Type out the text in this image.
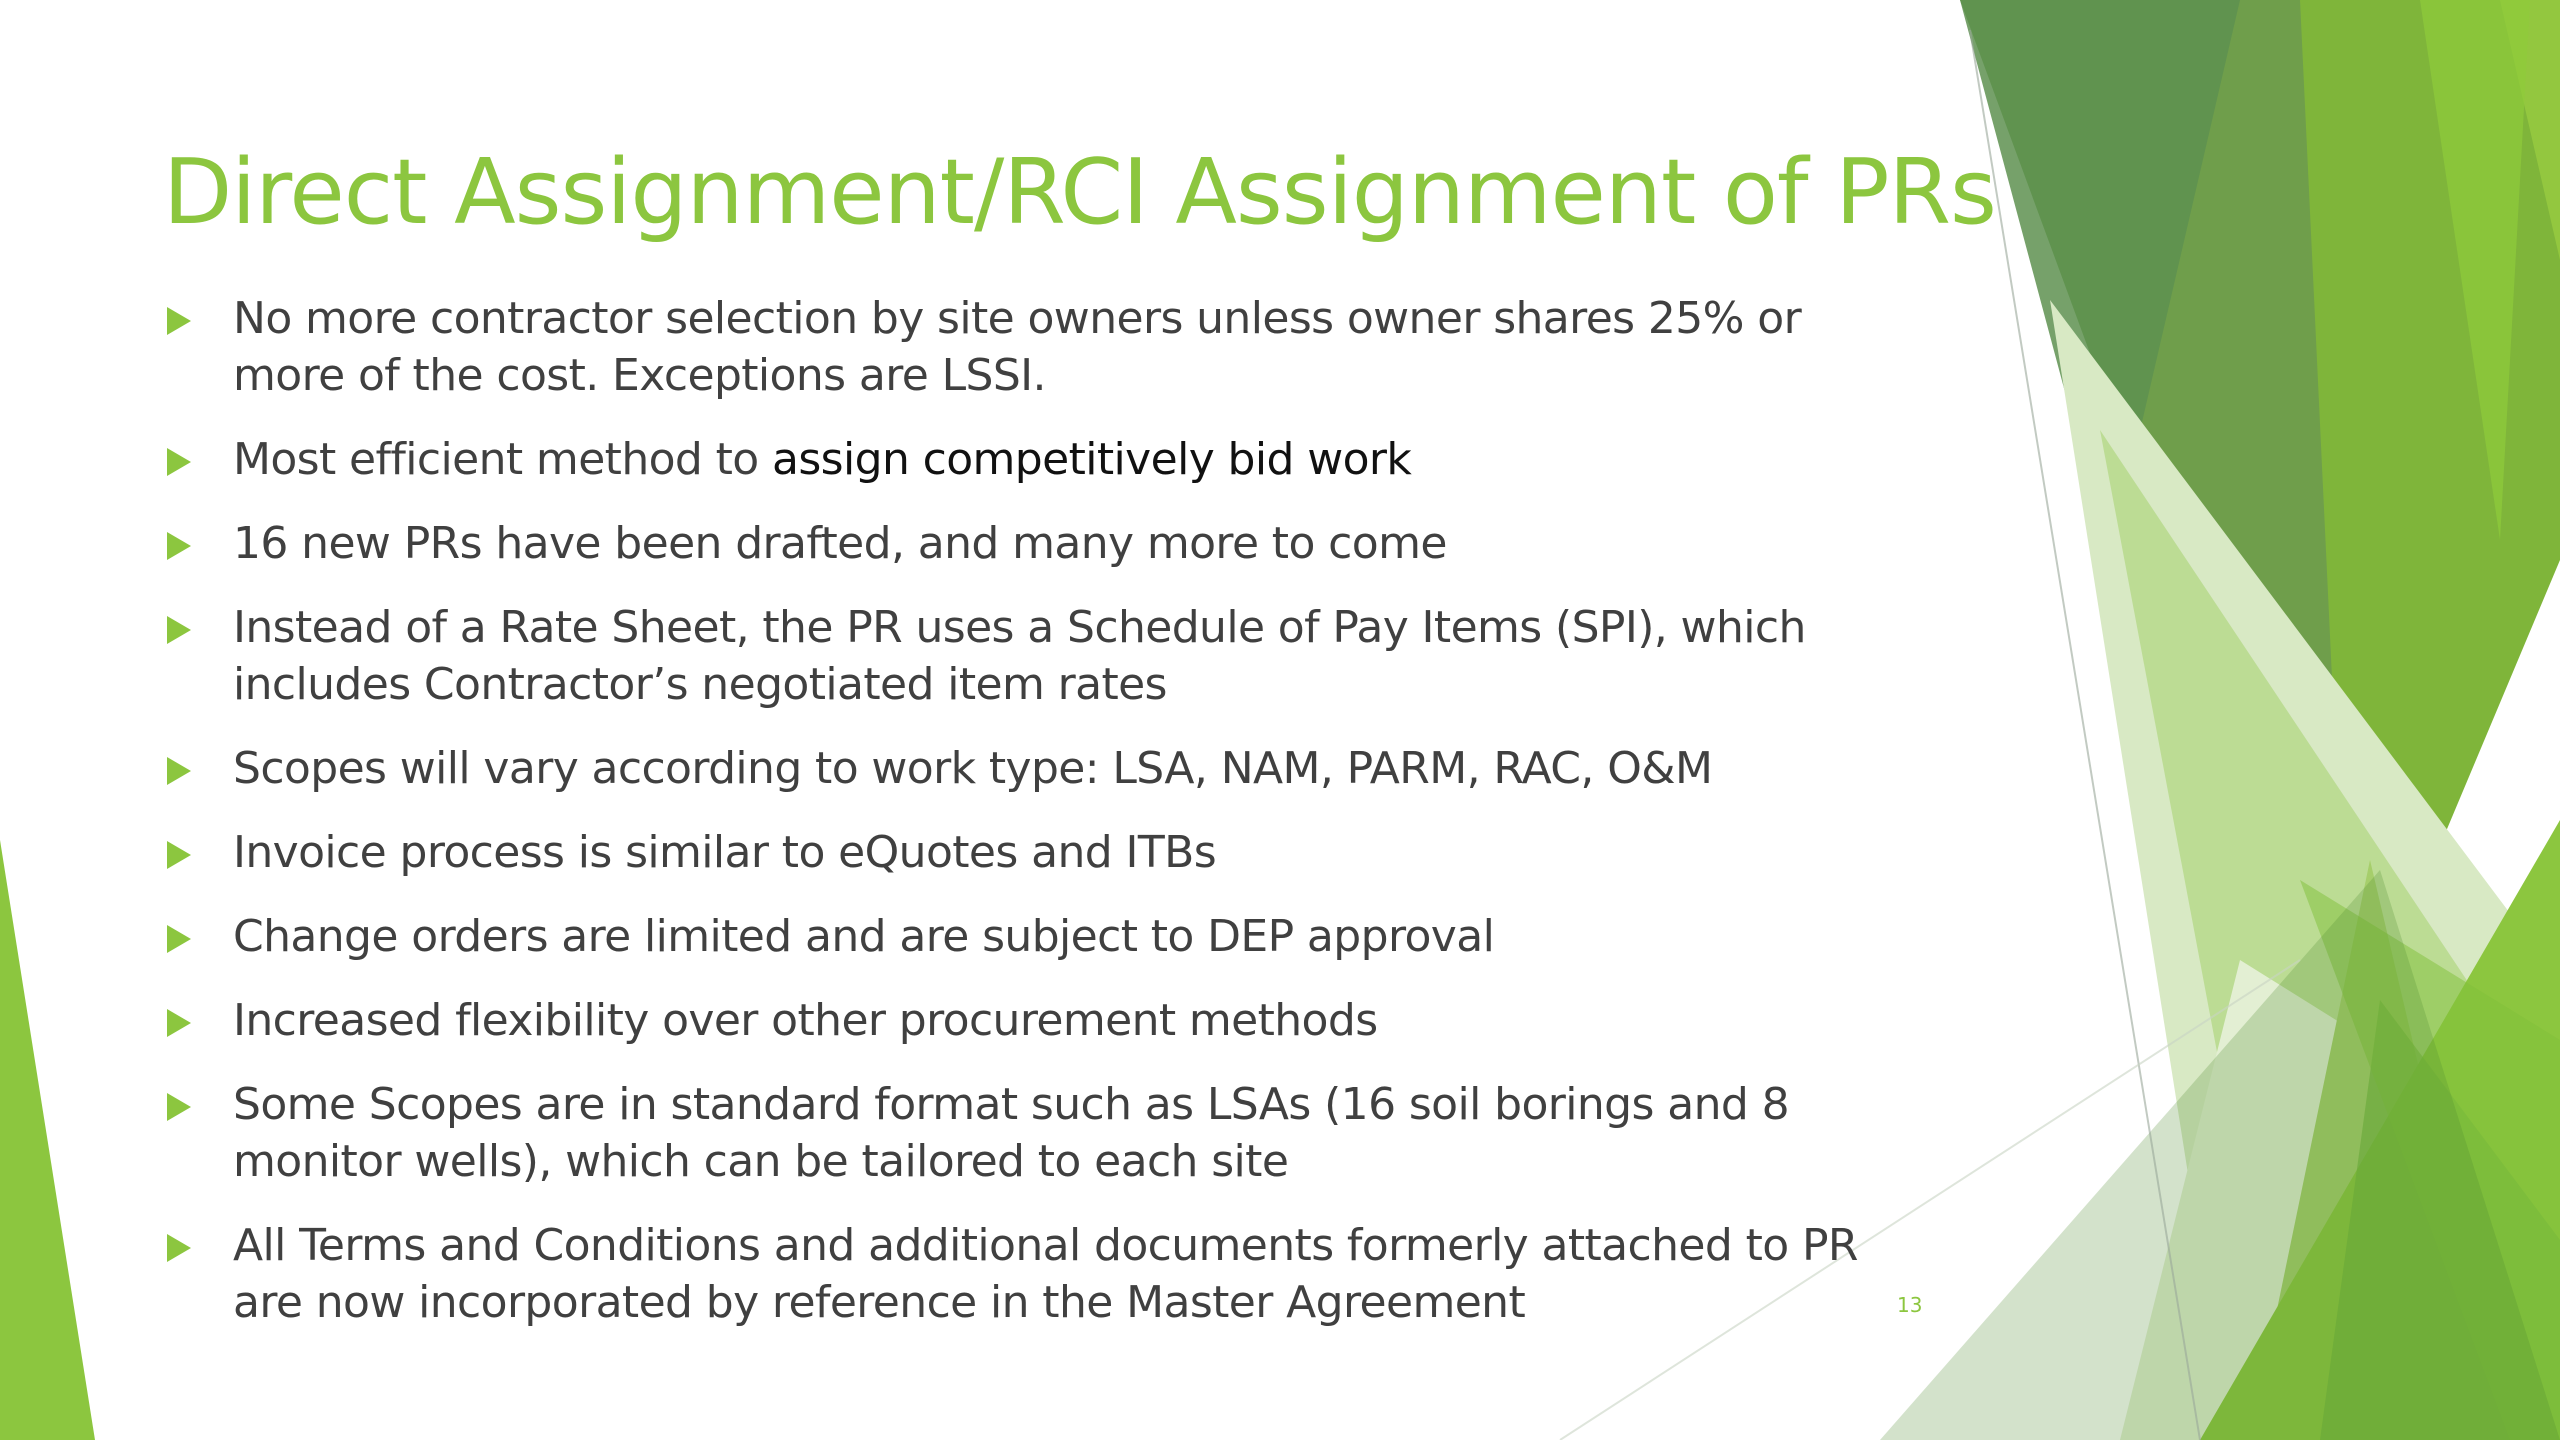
Direct Assignment/RCI Assignment of PRs
No more contractor selection by site owners unless owner shares 25% or more of the cost. Exceptions are LSSI.
Most efficient method to assign competitively bid work
16 new PRs have been drafted, and many more to come
Instead of a Rate Sheet, the PR uses a Schedule of Pay Items (SPI), which includes Contractor’s negotiated item rates
Scopes will vary according to work type: LSA, NAM, PARM, RAC, O&M
Invoice process is similar to eQuotes and ITBs
Change orders are limited and are subject to DEP approval
Increased flexibility over other procurement methods
Some Scopes are in standard format such as LSAs (16 soil borings and 8 monitor wells), which can be tailored to each site
All Terms and Conditions and additional documents formerly attached to PR are now incorporated by reference in the Master Agreement	13
